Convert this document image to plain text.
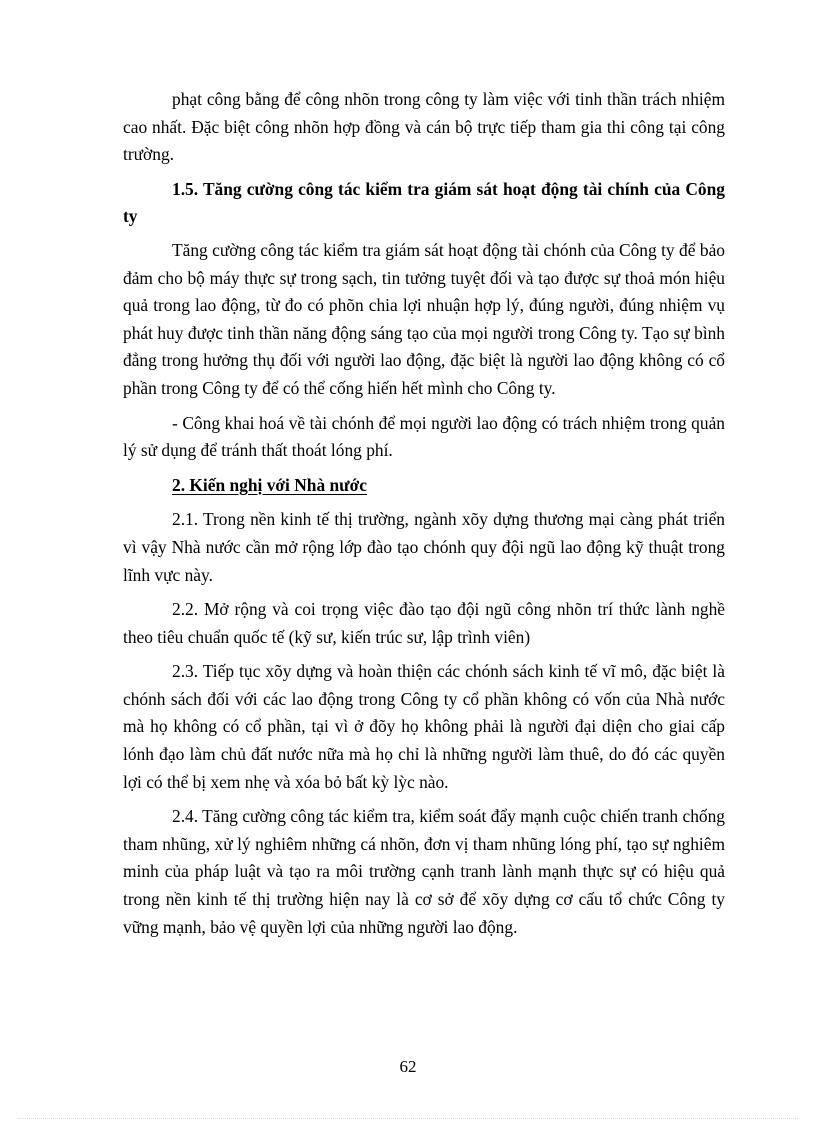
phạt công bằng để công nhõn trong công ty làm việc với tinh thần trách nhiệm cao nhất. Đặc biệt công nhõn hợp đồng và cán bộ trực tiếp tham gia thi công tại công trường.

1.5. Tăng cường công tác kiểm tra giám sát hoạt động tài chính của Công ty

Tăng cường công tác kiểm tra giám sát hoạt động tài chónh của Công ty để bảo đảm cho bộ máy thực sự trong sạch, tin tưởng tuyệt đối và tạo được sự thoả món hiệu quả trong lao động, từ đo có phõn chia lợi nhuận hợp lý, đúng người, đúng nhiệm vụ phát huy được tinh thần năng động sáng tạo của mọi người trong Công ty. Tạo sự bình đẳng trong hưởng thụ đối với người lao động, đặc biệt là người lao động không có cổ phần trong Công ty để có thể cống hiến hết mình cho Công ty.

- Công khai hoá về tài chónh để mọi người lao động có trách nhiệm trong quản lý sử dụng để tránh thất thoát lóng phí.

2. Kiến nghị với Nhà nước

2.1. Trong nền kinh tế thị trường, ngành xõy dựng thương mại càng phát triển vì vậy Nhà nước cần mở rộng lớp đào tạo chónh quy đội ngũ lao động kỹ thuật trong lĩnh vực này.

2.2. Mở rộng và coi trọng việc đào tạo đội ngũ công nhõn trí thức lành nghề theo tiêu chuẩn quốc tế (kỹ sư, kiến trúc sư, lập trình viên)

2.3. Tiếp tục xõy dựng và hoàn thiện các chónh sách kinh tế vĩ mô, đặc biệt là chónh sách đối với các lao động trong Công ty cổ phần không có vốn của Nhà nước mà họ không có cổ phần, tại vì ở đõy họ không phải là người đại diện cho giai cấp lónh đạo làm chủ đất nước nữa mà họ chỉ là những người làm thuê, do đó các quyền lợi có thể bị xem nhẹ và xóa bỏ bất kỳ lỳc nào.

2.4. Tăng cường công tác kiểm tra, kiểm soát đẩy mạnh cuộc chiến tranh chống tham nhũng, xử lý nghiêm những cá nhõn, đơn vị tham nhũng lóng phí, tạo sự nghiêm minh của pháp luật và tạo ra môi trường cạnh tranh lành mạnh thực sự có hiệu quả trong nền kinh tế thị trường hiện nay là cơ sở để xõy dựng cơ cấu tổ chức Công ty vững mạnh, bảo vệ quyền lợi của những người lao động.

62
